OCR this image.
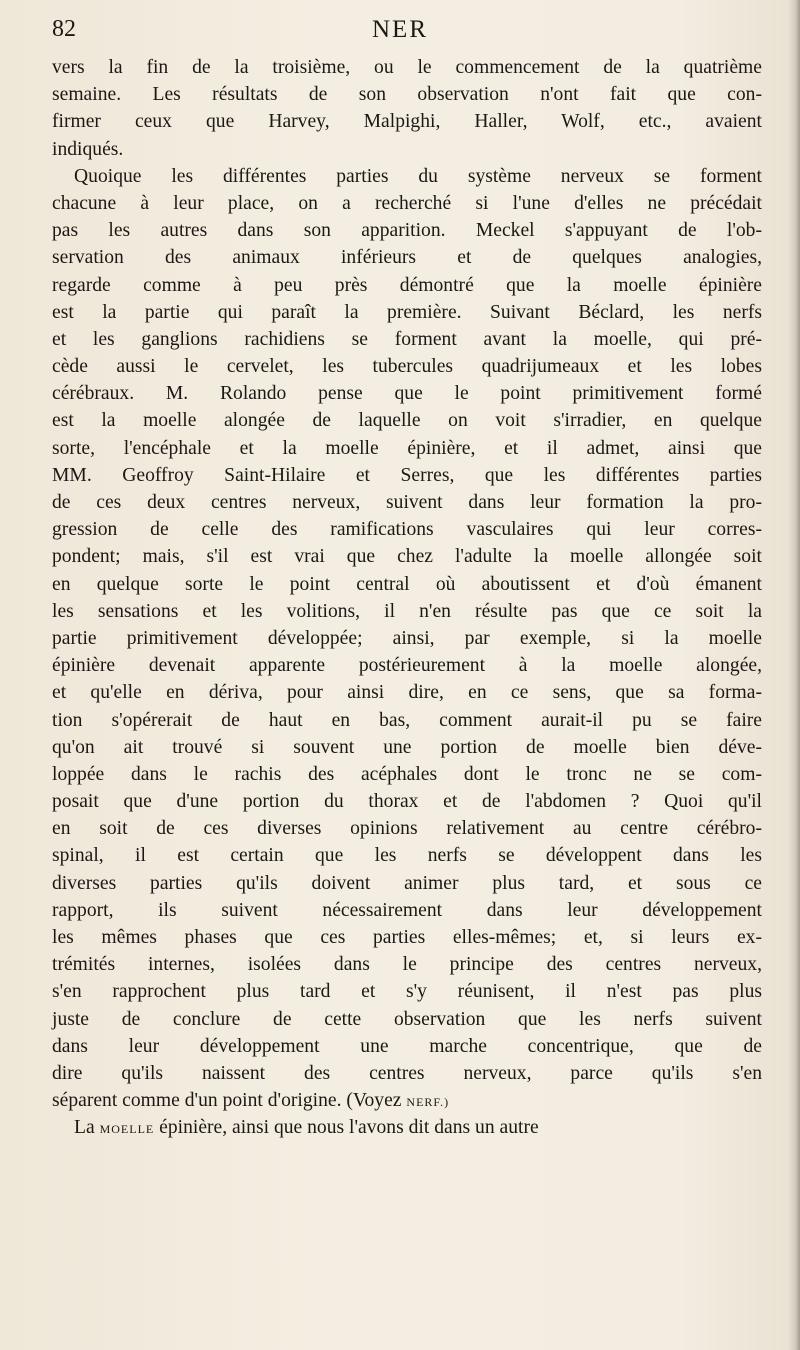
82	NER
vers la fin de la troisième, ou le commencement de la quatrième
semaine. Les résultats de son observation n'ont fait que con-
firmer ceux que Harvey, Malpighi, Haller, Wolf, etc., avaient
indiqués.
Quoique les différentes parties du système nerveux se forment
chacune à leur place, on a recherché si l'une d'elles ne précédait
pas les autres dans son apparition. Meckel s'appuyant de l'ob-
servation des animaux inférieurs et de quelques analogies,
regarde comme à peu près démontré que la moelle épinière
est la partie qui paraît la première. Suivant Béclard, les nerfs
et les ganglions rachidiens se forment avant la moelle, qui pré-
cède aussi le cervelet, les tubercules quadrijumeaux et les lobes
cérébraux. M. Rolando pense que le point primitivement formé
est la moelle alongée de laquelle on voit s'irradier, en quelque
sorte, l'encéphale et la moelle épinière, et il admet, ainsi que
MM. Geoffroy Saint-Hilaire et Serres, que les différentes parties
de ces deux centres nerveux, suivent dans leur formation la pro-
gression de celle des ramifications vasculaires qui leur corres-
pondent; mais, s'il est vrai que chez l'adulte la moelle allongée soit
en quelque sorte le point central où aboutissent et d'où émanent
les sensations et les volitions, il n'en résulte pas que ce soit la
partie primitivement développée; ainsi, par exemple, si la moelle
épinière devenait apparente postérieurement à la moelle alongée,
et qu'elle en dériva, pour ainsi dire, en ce sens, que sa forma-
tion s'opérerait de haut en bas, comment aurait-il pu se faire
qu'on ait trouvé si souvent une portion de moelle bien déve-
loppée dans le rachis des acéphales dont le tronc ne se com-
posait que d'une portion du thorax et de l'abdomen ? Quoi qu'il
en soit de ces diverses opinions relativement au centre cérébro-
spinal, il est certain que les nerfs se développent dans les
diverses parties qu'ils doivent animer plus tard, et sous ce
rapport, ils suivent nécessairement dans leur développement
les mêmes phases que ces parties elles-mêmes; et, si leurs ex-
trémités internes, isolées dans le principe des centres nerveux,
s'en rapprochent plus tard et s'y réunisent, il n'est pas plus
juste de conclure de cette observation que les nerfs suivent
dans leur développement une marche concentrique, que de
dire qu'ils naissent des centres nerveux, parce qu'ils s'en
séparent comme d'un point d'origine. (Voyez NERF.)
La MOELLE épinière, ainsi que nous l'avons dit dans un autre
